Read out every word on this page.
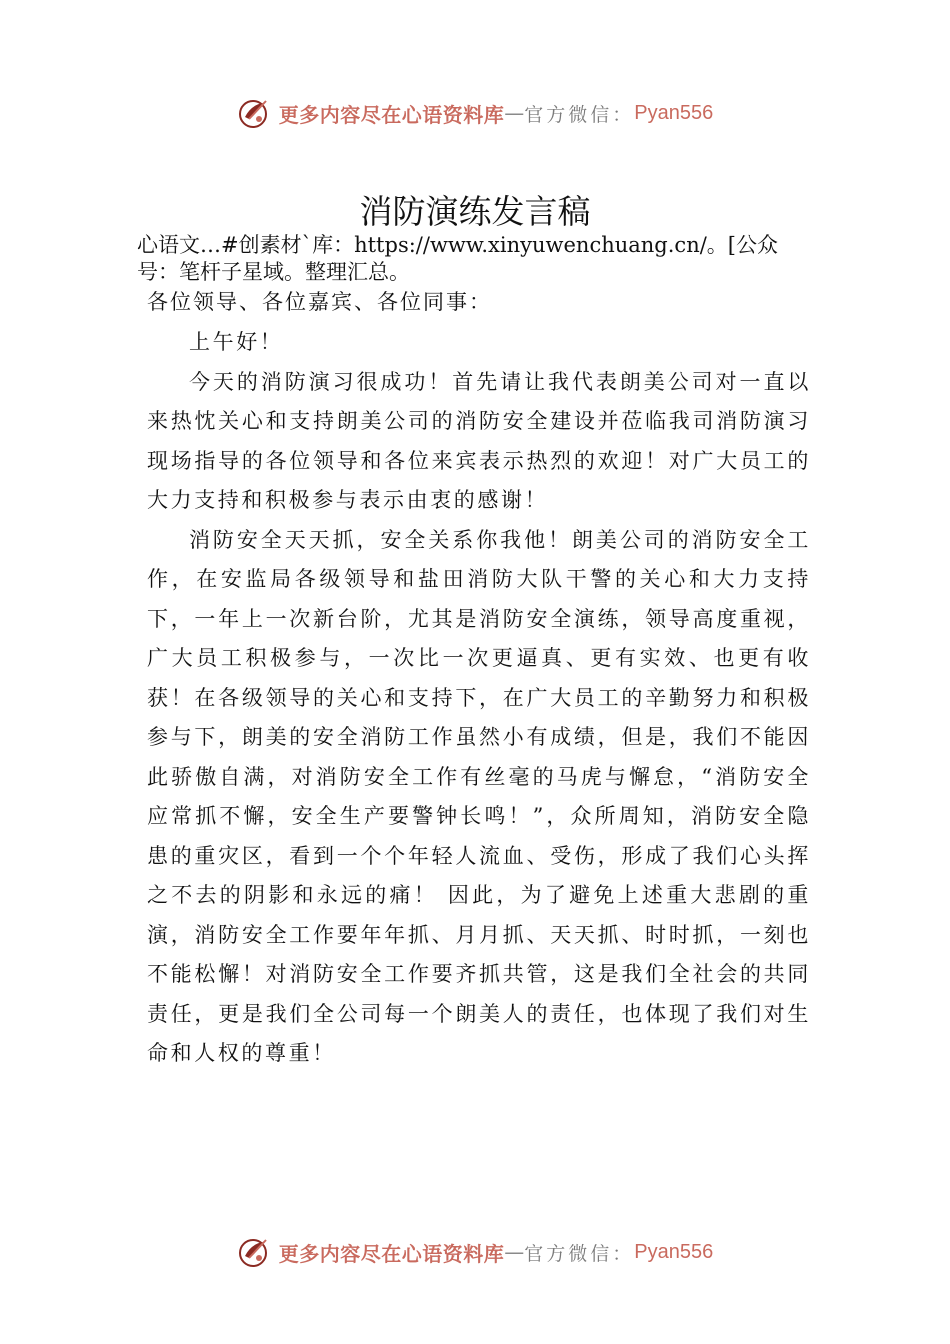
更多内容尽在心语资料库 — 官方微信： Pyan556
消防演练发言稿
心语文…#创素材`库：https://www.xinyuwenchuang.cn/。[公众号：笔杆子星域。整理汇总。
各位领导、各位嘉宾、各位同事：

上午好！

今天的消防演习很成功！首先请让我代表朗美公司对一直以来热忱关心和支持朗美公司的消防安全建设并莅临我司消防演习现场指导的各位领导和各位来宾表示热烈的欢迎！对广大员工的大力支持和积极参与表示由衷的感谢！

消防安全天天抓，安全关系你我他！朗美公司的消防安全工作，在安监局各级领导和盐田消防大队干警的关心和大力支持下，一年上一次新台阶，尤其是消防安全演练，领导高度重视，广大员工积极参与，一次比一次更逼真、更有实效、也更有收获！在各级领导的关心和支持下，在广大员工的辛勤努力和积极参与下，朗美的安全消防工作虽然小有成绩，但是，我们不能因此骄傲自满，对消防安全工作有丝毫的马虎与懈怠，“消防安全应常抓不懈，安全生产要警钟长鸣！”，众所周知，消防安全隐患的重灾区，看到一个个年轻人流血、受伤，形成了我们心头挥之不去的阴影和永远的痛！ 因此，为了避免上述重大悲剧的重演，消防安全工作要年年抓、月月抓、天天抓、时时抓，一刻也不能松懈！对消防安全工作要齐抓共管，这是我们全社会的共同责任，更是我们全公司每一个朗美人的责任，也体现了我们对生命和人权的尊重！

更多内容尽在心语资料库 — 官方微信： Pyan556
